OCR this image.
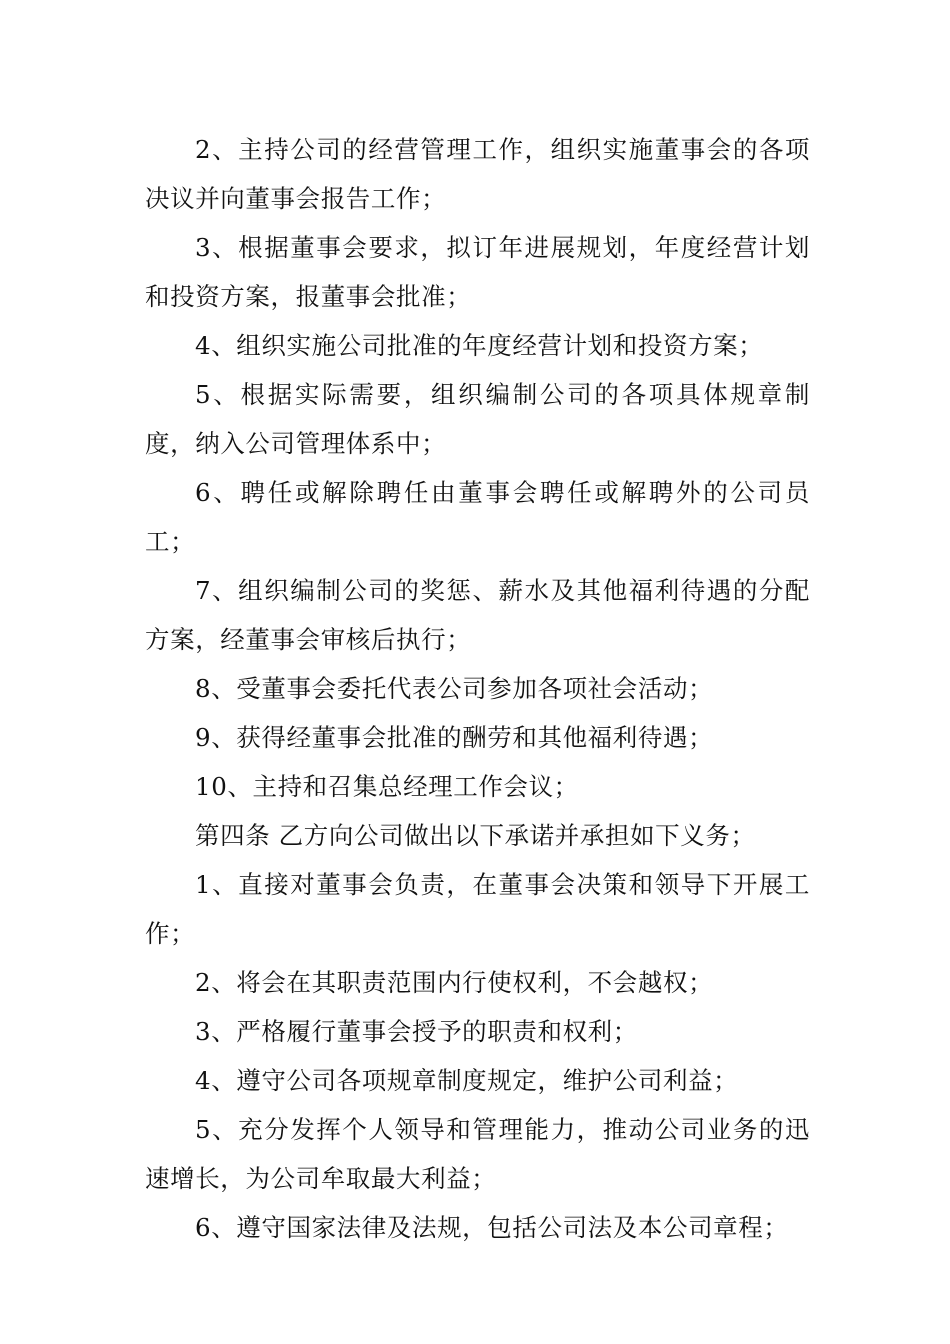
2、主持公司的经营管理工作，组织实施董事会的各项决议并向董事会报告工作；

3、根据董事会要求，拟订年进展规划，年度经营计划和投资方案，报董事会批准；

4、组织实施公司批准的年度经营计划和投资方案；

5、根据实际需要，组织编制公司的各项具体规章制度，纳入公司管理体系中；

6、聘任或解除聘任由董事会聘任或解聘外的公司员工；

7、组织编制公司的奖惩、薪水及其他福利待遇的分配方案，经董事会审核后执行；

8、受董事会委托代表公司参加各项社会活动；

9、获得经董事会批准的酬劳和其他福利待遇；

10、主持和召集总经理工作会议；

第四条 乙方向公司做出以下承诺并承担如下义务；

1、直接对董事会负责，在董事会决策和领导下开展工作；

2、将会在其职责范围内行使权利，不会越权；

3、严格履行董事会授予的职责和权利；

4、遵守公司各项规章制度规定，维护公司利益；

5、充分发挥个人领导和管理能力，推动公司业务的迅速增长，为公司牟取最大利益；

6、遵守国家法律及法规，包括公司法及本公司章程；
